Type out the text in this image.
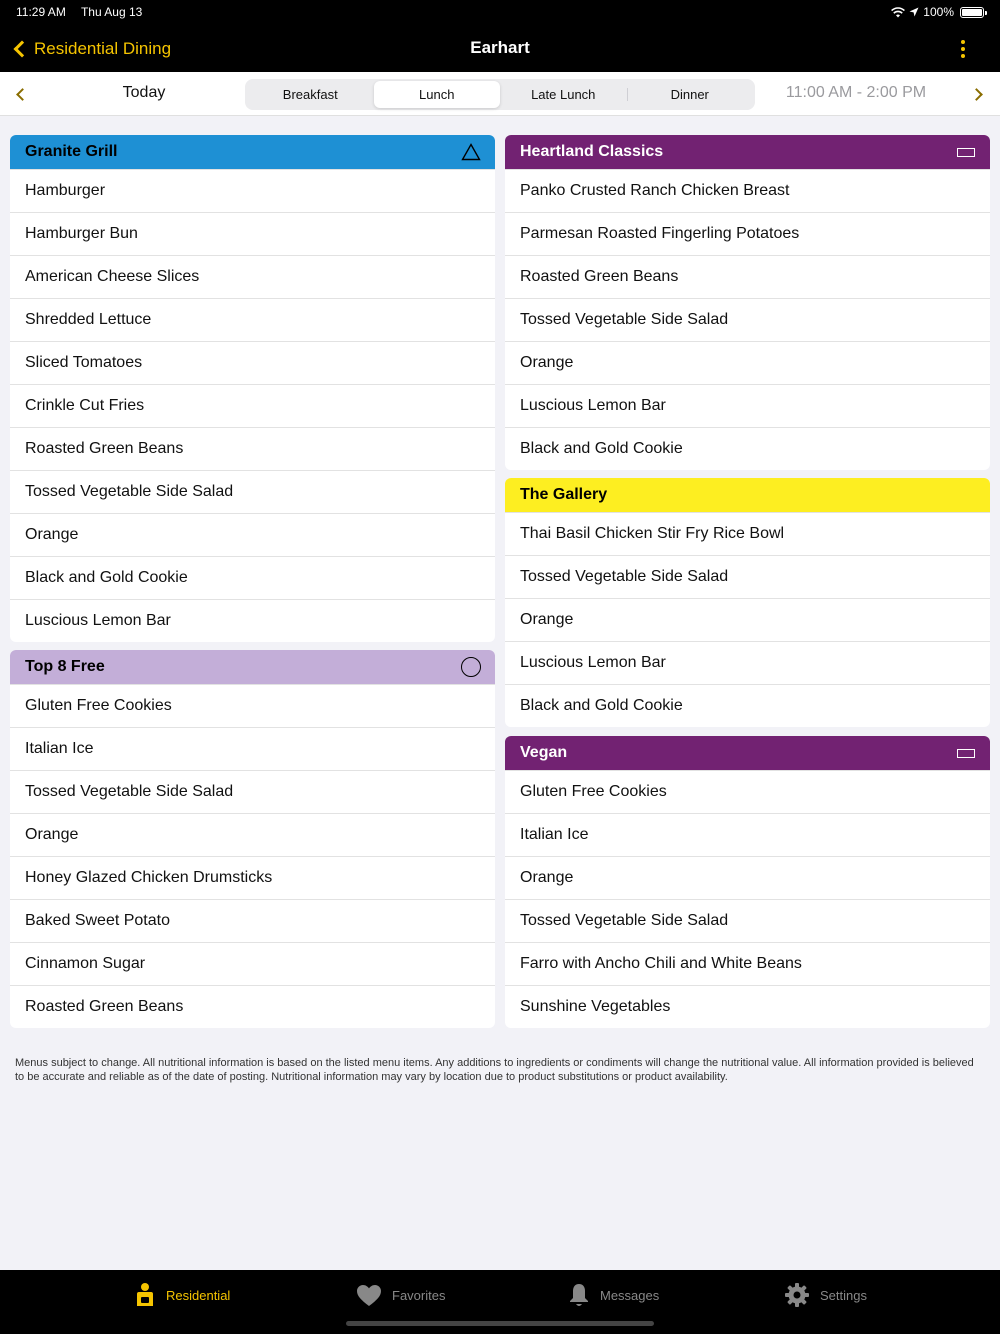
11:29 AM Thu Aug 13	100%
Residential Dining	Earhart
Today	Breakfast	Lunch	Late Lunch	Dinner	11:00 AM - 2:00 PM
Granite Grill
Hamburger
Hamburger Bun
American Cheese Slices
Shredded Lettuce
Sliced Tomatoes
Crinkle Cut Fries
Roasted Green Beans
Tossed Vegetable Side Salad
Orange
Black and Gold Cookie
Luscious Lemon Bar
Top 8 Free
Gluten Free Cookies
Italian Ice
Tossed Vegetable Side Salad
Orange
Honey Glazed Chicken Drumsticks
Baked Sweet Potato
Cinnamon Sugar
Roasted Green Beans
Heartland Classics
Panko Crusted Ranch Chicken Breast
Parmesan Roasted Fingerling Potatoes
Roasted Green Beans
Tossed Vegetable Side Salad
Orange
Luscious Lemon Bar
Black and Gold Cookie
The Gallery
Thai Basil Chicken Stir Fry Rice Bowl
Tossed Vegetable Side Salad
Orange
Luscious Lemon Bar
Black and Gold Cookie
Vegan
Gluten Free Cookies
Italian Ice
Orange
Tossed Vegetable Side Salad
Farro with Ancho Chili and White Beans
Sunshine Vegetables
Menus subject to change. All nutritional information is based on the listed menu items. Any additions to ingredients or condiments will change the nutritional value. All information provided is believed to be accurate and reliable as of the date of posting. Nutritional information may vary by location due to product substitutions or product availability.
Residential	Favorites	Messages	Settings
